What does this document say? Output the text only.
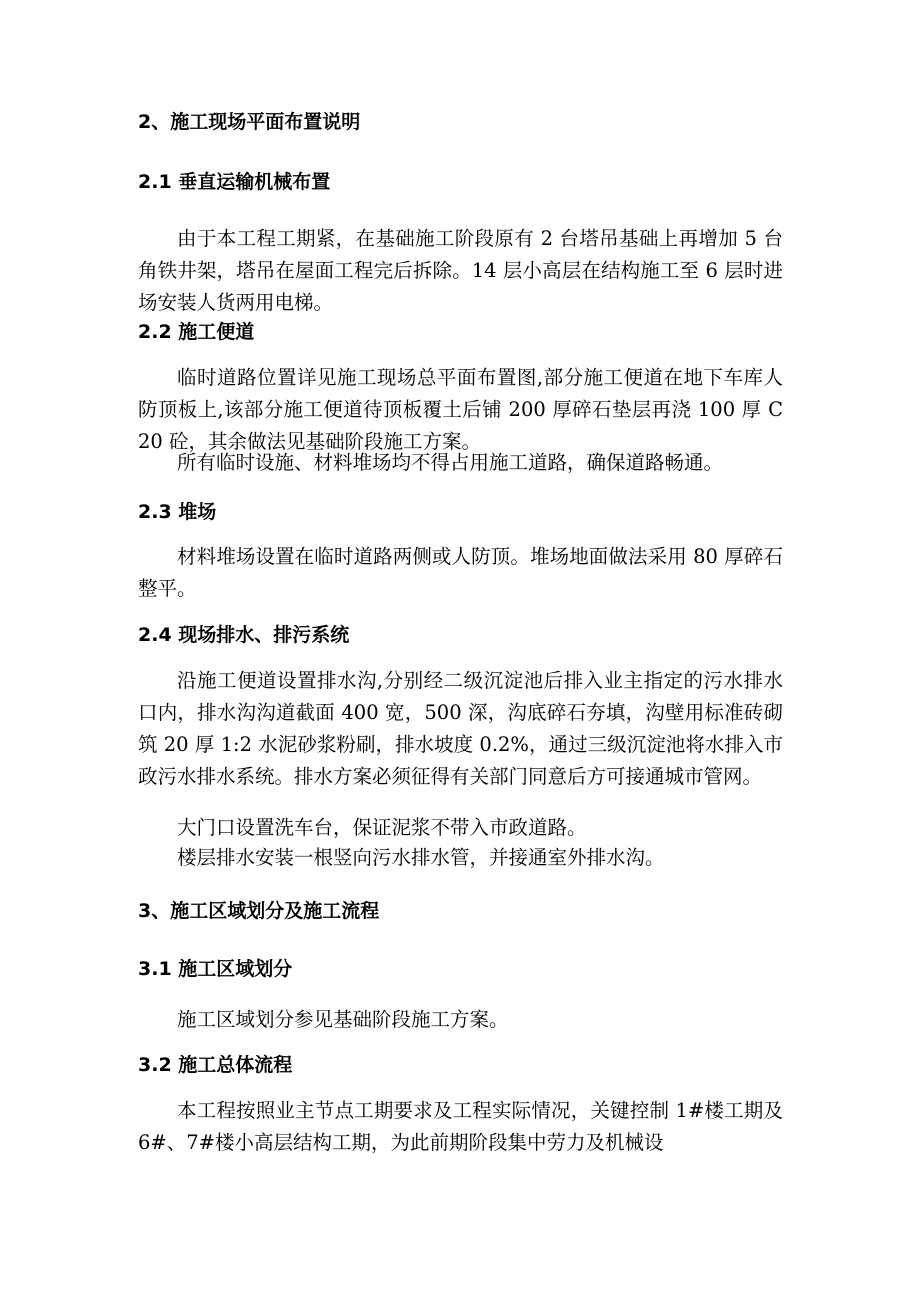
2、施工现场平面布置说明
2.1 垂直运输机械布置

由于本工程工期紧，在基础施工阶段原有 2 台塔吊基础上再增加 5 台角铁井架，塔吊在屋面工程完后拆除。14 层小高层在结构施工至 6 层时进场安装人货两用电梯。

2.2 施工便道

临时道路位置详见施工现场总平面布置图,部分施工便道在地下车库人防顶板上,该部分施工便道待顶板覆土后铺 200 厚碎石垫层再浇 100 厚 C20 砼，其余做法见基础阶段施工方案。

所有临时设施、材料堆场均不得占用施工道路，确保道路畅通。

2.3 堆场

材料堆场设置在临时道路两侧或人防顶。堆场地面做法采用 80 厚碎石整平。

2.4 现场排水、排污系统

沿施工便道设置排水沟,分别经二级沉淀池后排入业主指定的污水排水口内，排水沟沟道截面 400 宽，500 深，沟底碎石夯填，沟壁用标准砖砌筑 20 厚 1:2 水泥砂浆粉刷，排水坡度 0.2%，通过三级沉淀池将水排入市政污水排水系统。排水方案必须征得有关部门同意后方可接通城市管网。

大门口设置洗车台，保证泥浆不带入市政道路。

楼层排水安装一根竖向污水排水管，并接通室外排水沟。

3、施工区域划分及施工流程
3.1 施工区域划分

施工区域划分参见基础阶段施工方案。

3.2 施工总体流程

本工程按照业主节点工期要求及工程实际情况，关键控制 1#楼工期及 6#、7#楼小高层结构工期，为此前期阶段集中劳力及机械设
